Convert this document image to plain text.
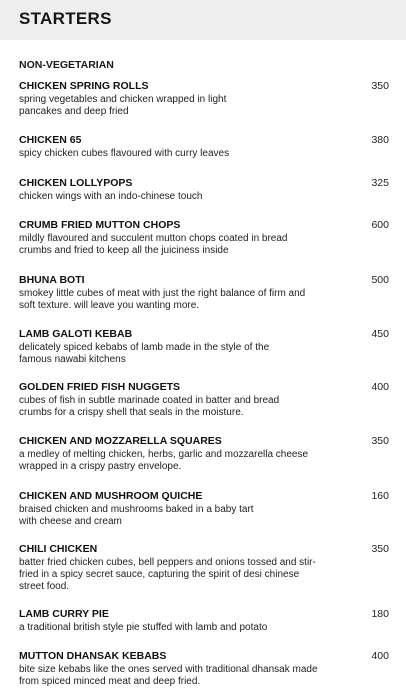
STARTERS
NON-VEGETARIAN
CHICKEN SPRING ROLLS
spring vegetables and chicken wrapped in light pancakes and deep fried
350
CHICKEN 65
spicy chicken cubes flavoured with curry leaves
380
CHICKEN LOLLYPOPS
chicken wings with an indo-chinese touch
325
CRUMB FRIED MUTTON CHOPS
mildly flavoured and succulent mutton chops coated in bread crumbs and fried to keep all the juiciness inside
600
BHUNA BOTI
smokey little cubes of meat with just the right balance of firm and soft texture. will leave you wanting more.
500
LAMB GALOTI KEBAB
delicately spiced kebabs of lamb made in the style of the famous nawabi kitchens
450
GOLDEN FRIED FISH NUGGETS
cubes of fish in subtle marinade coated in batter and bread crumbs for a crispy shell that seals in the moisture.
400
CHICKEN AND MOZZARELLA SQUARES
a medley of melting chicken, herbs, garlic and mozzarella cheese wrapped in a crispy pastry envelope.
350
CHICKEN AND MUSHROOM QUICHE
braised chicken and mushrooms baked in a baby tart with cheese and cream
160
CHILI CHICKEN
batter fried chicken cubes, bell peppers and onions tossed and stir-fried in a spicy secret sauce, capturing the spirit of desi chinese street food.
350
LAMB CURRY PIE
a traditional british style pie stuffed with lamb and potato
180
MUTTON DHANSAK KEBABS
bite size kebabs like the ones served with traditional dhansak made from spiced minced meat and deep fried.
400
